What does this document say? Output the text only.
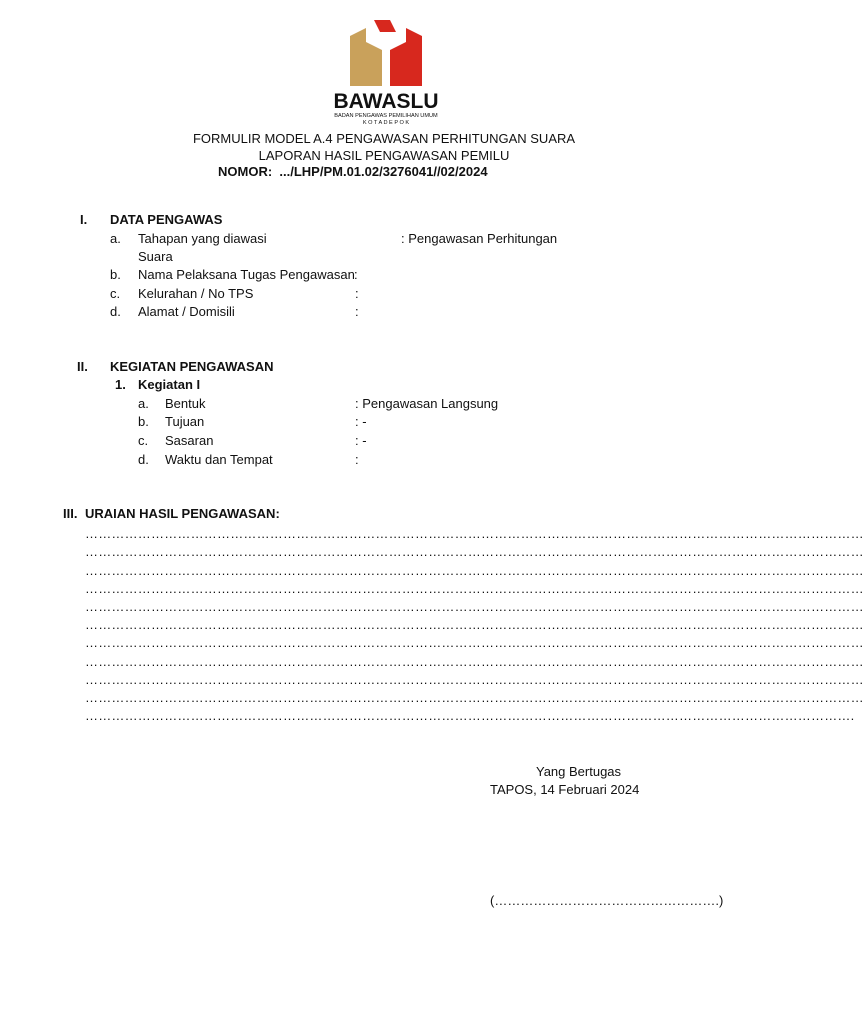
BAWASLU
BADAN PENGAWAS PEMILIHAN UMUM
K O T A D E P O K
FORMULIR MODEL A.4 PENGAWASAN PERHITUNGAN SUARA
LAPORAN HASIL PENGAWASAN PEMILU
NOMOR: .../LHP/PM.01.02/3276041//02/2024
I. DATA PENGAWAS
a. Tahapan yang diawasi	: Pengawasan Perhitungan
Suara
b. Nama Pelaksana Tugas Pengawasan :
c. Kelurahan / No TPS	:
d. Alamat / Domisili	:
II. KEGIATAN PENGAWASAN
1. Kegiatan I
a. Bentuk	: Pengawasan Langsung
b. Tujuan	: -
c. Sasaran	: -
d. Waktu dan Tempat	:
III. URAIAN HASIL PENGAWASAN:
……………………………………………………………………………………………………………………………………………………………
……………………………………………………………………………………………………………………………………………………………
……………………………………………………………………………………………………………………………………………………………
……………………………………………………………………………………………………………………………………………………………
……………………………………………………………………………………………………………………………………………………………
……………………………………………………………………………………………………………………………………………………………
……………………………………………………………………………………………………………………………………………………………
……………………………………………………………………………………………………………………………………………………………
……………………………………………………………………………………………………………………………………………………………
……………………………………………………………………………………………………………………………………………………………
………………………………………………………………………………………………………………………………………………………….
Yang Bertugas
TAPOS, 14 Februari 2024
(…………………………………………….)
